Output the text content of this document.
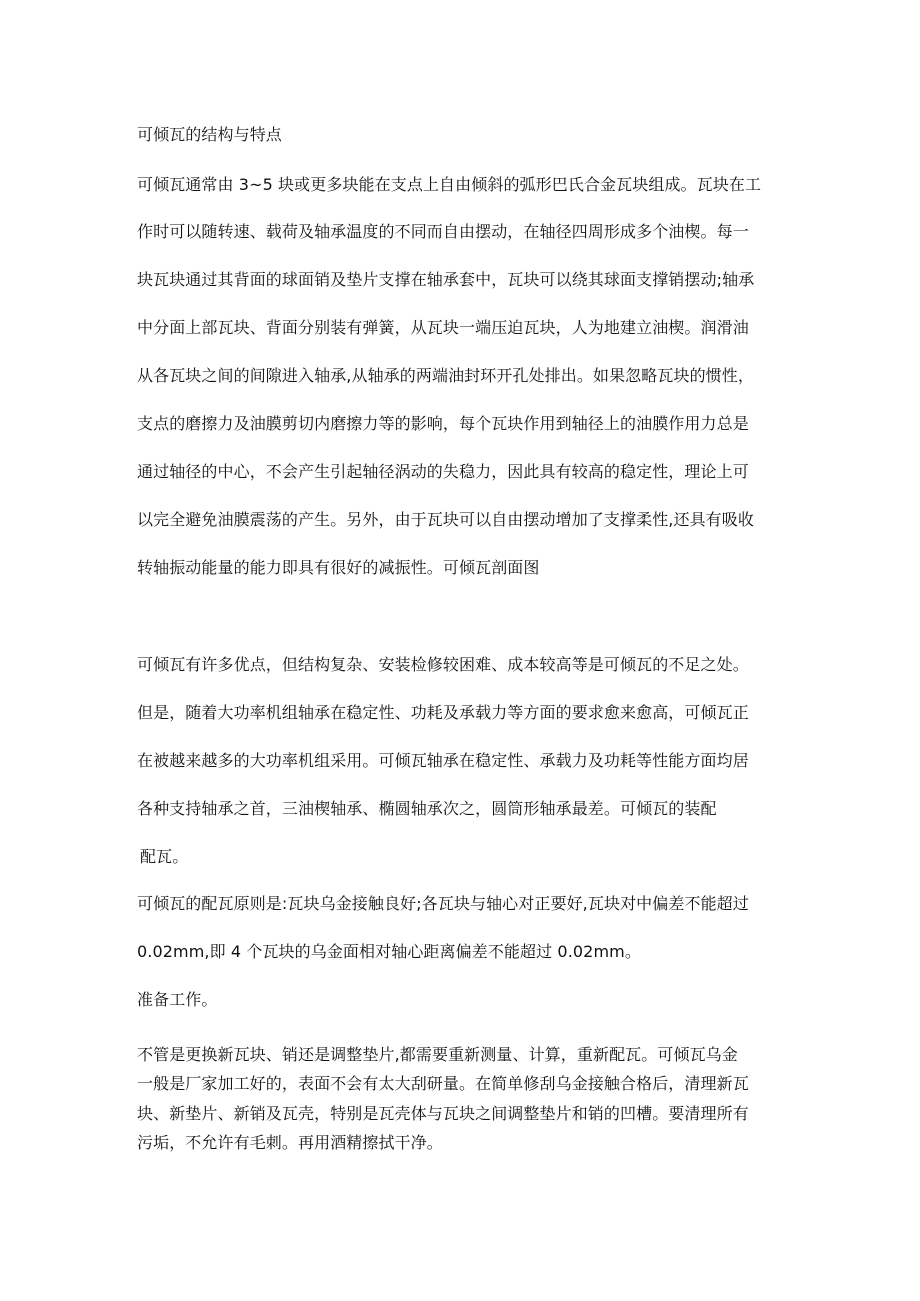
可倾瓦的结构与特点
可倾瓦通常由 3~5 块或更多块能在支点上自由倾斜的弧形巴氏合金瓦块组成。瓦块在工
作时可以随转速、载荷及轴承温度的不同而自由摆动，在轴径四周形成多个油楔。每一
块瓦块通过其背面的球面销及垫片支撑在轴承套中，瓦块可以绕其球面支撑销摆动;轴承
中分面上部瓦块、背面分别装有弹簧，从瓦块一端压迫瓦块，人为地建立油楔。润滑油
从各瓦块之间的间隙进入轴承,从轴承的两端油封环开孔处排出。如果忽略瓦块的惯性，
支点的磨擦力及油膜剪切内磨擦力等的影响，每个瓦块作用到轴径上的油膜作用力总是
通过轴径的中心，不会产生引起轴径涡动的失稳力，因此具有较高的稳定性，理论上可
以完全避免油膜震荡的产生。另外，由于瓦块可以自由摆动增加了支撑柔性,还具有吸收
转轴振动能量的能力即具有很好的减振性。可倾瓦剖面图
可倾瓦有许多优点，但结构复杂、安装检修较困难、成本较高等是可倾瓦的不足之处。
但是，随着大功率机组轴承在稳定性、功耗及承载力等方面的要求愈来愈高，可倾瓦正
在被越来越多的大功率机组采用。可倾瓦轴承在稳定性、承载力及功耗等性能方面均居
各种支持轴承之首，三油楔轴承、椭圆轴承次之，圆筒形轴承最差。可倾瓦的装配
配瓦。
可倾瓦的配瓦原则是:瓦块乌金接触良好;各瓦块与轴心对正要好,瓦块对中偏差不能超过
0.02mm,即 4 个瓦块的乌金面相对轴心距离偏差不能超过 0.02mm。
准备工作。
不管是更换新瓦块、销还是调整垫片,都需要重新测量、计算，重新配瓦。可倾瓦乌金
一般是厂家加工好的，表面不会有太大刮研量。在简单修刮乌金接触合格后，清理新瓦
块、新垫片、新销及瓦壳，特别是瓦壳体与瓦块之间调整垫片和销的凹槽。要清理所有
污垢，不允许有毛刺。再用酒精擦拭干净。
